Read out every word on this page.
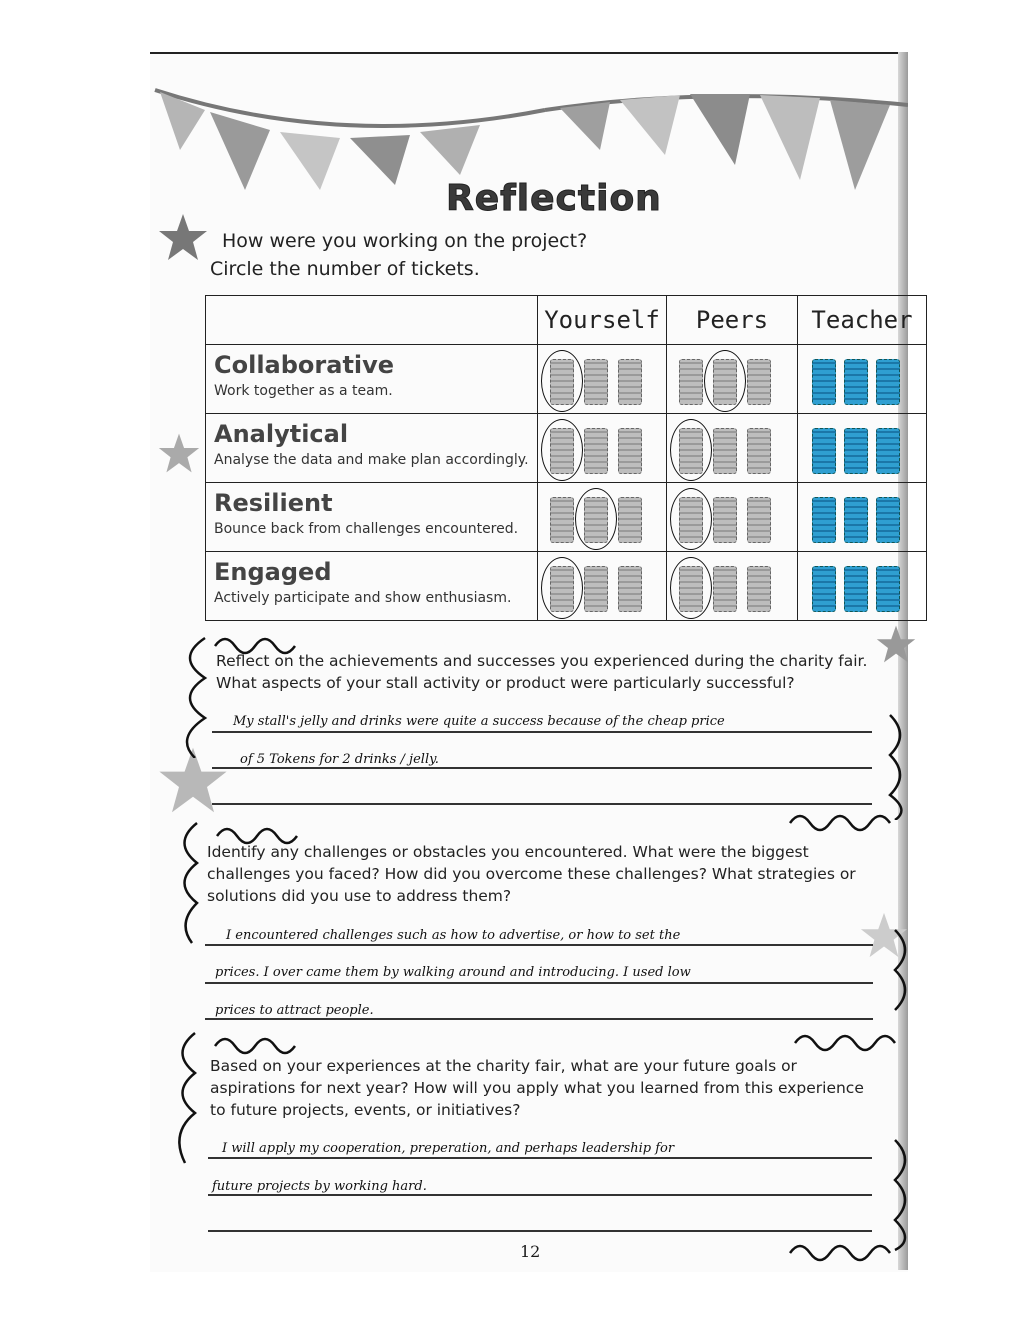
Reflection
How were you working on the project?
Circle the number of tickets.
	Yourself	Peers	Teacher

Collaborative
Work together as a team.			

Analytical
Analyse the data and make plan accordingly.			

Resilient
Bounce back from challenges encountered.			

Engaged
Actively participate and show enthusiasm.			

Reflect on the achievements and successes you experienced during the charity fair.
What aspects of your stall activity or product were particularly successful?
My stall's jelly and drinks were quite a success because of the cheap price
of 5 Tokens for 2 drinks / jelly.
Identify any challenges or obstacles you encountered. What were the biggest
challenges you faced? How did you overcome these challenges? What strategies or
solutions did you use to address them?
I encountered challenges such as how to advertise, or how to set the
prices. I over came them by walking around and introducing. I used low
prices to attract people.
Based on your experiences at the charity fair, what are your future goals or
aspirations for next year? How will you apply what you learned from this experience
to future projects, events, or initiatives?
I will apply my cooperation, preperation, and perhaps leadership for
future projects by working hard.
12
